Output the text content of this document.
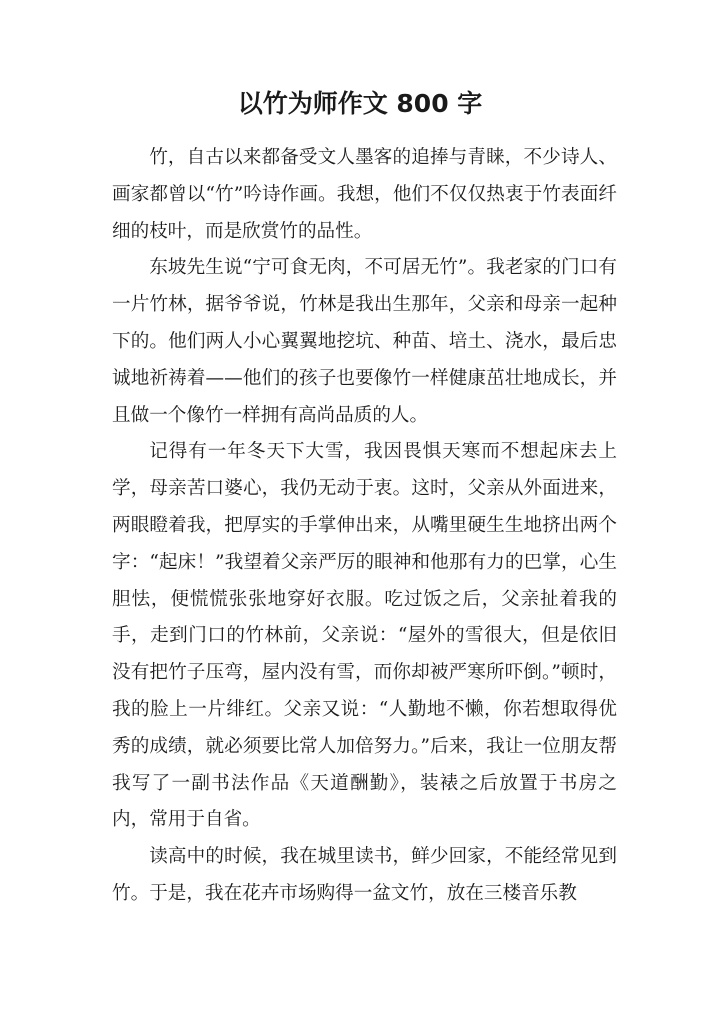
以竹为师作文 800 字

竹，自古以来都备受文人墨客的追捧与青睐，不少诗人、画家都曾以“竹”吟诗作画。我想，他们不仅仅热衷于竹表面纤细的枝叶，而是欣赏竹的品性。

东坡先生说“宁可食无肉，不可居无竹”。我老家的门口有一片竹林，据爷爷说，竹林是我出生那年，父亲和母亲一起种下的。他们两人小心翼翼地挖坑、种苗、培土、浇水，最后忠诚地祈祷着——他们的孩子也要像竹一样健康茁壮地成长，并且做一个像竹一样拥有高尚品质的人。

记得有一年冬天下大雪，我因畏惧天寒而不想起床去上学，母亲苦口婆心，我仍无动于衷。这时，父亲从外面进来，两眼瞪着我，把厚实的手掌伸出来，从嘴里硬生生地挤出两个字：“起床！”我望着父亲严厉的眼神和他那有力的巴掌，心生胆怯，便慌慌张张地穿好衣服。吃过饭之后，父亲扯着我的手，走到门口的竹林前，父亲说：“屋外的雪很大，但是依旧没有把竹子压弯，屋内没有雪，而你却被严寒所吓倒。”顿时，我的脸上一片绯红。父亲又说：“人勤地不懒，你若想取得优秀的成绩，就必须要比常人加倍努力。”后来，我让一位朋友帮我写了一副书法作品《天道酬勤》，装裱之后放置于书房之内，常用于自省。

读高中的时候，我在城里读书，鲜少回家，不能经常见到竹。于是，我在花卉市场购得一盆文竹，放在三楼音乐教
